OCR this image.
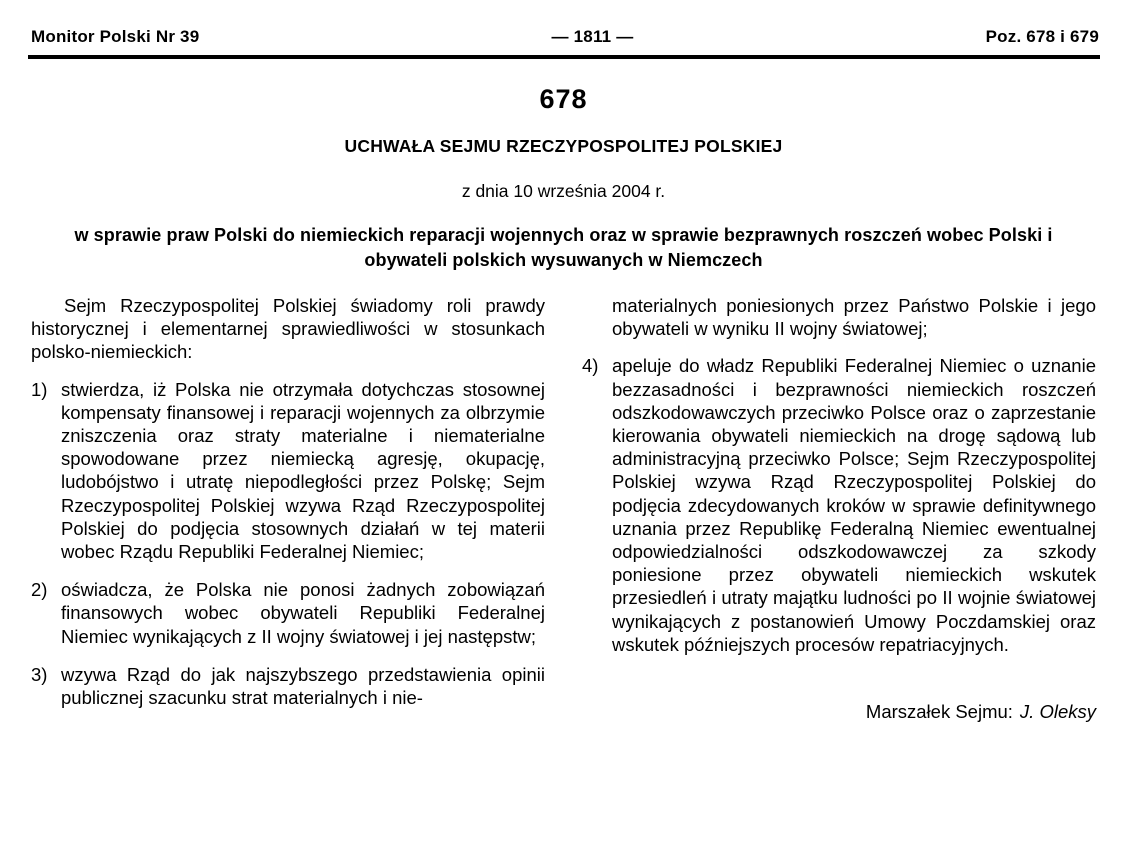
Monitor Polski Nr 39	— 1811 —	Poz. 678 i 679
678
UCHWAŁA SEJMU RZECZYPOSPOLITEJ POLSKIEJ
z dnia 10 września 2004 r.
w sprawie praw Polski do niemieckich reparacji wojennych oraz w sprawie bezprawnych roszczeń wobec Polski i obywateli polskich wysuwanych w Niemczech

Sejm Rzeczypospolitej Polskiej świadomy roli prawdy historycznej i elementarnej sprawiedliwości w stosunkach polsko-niemieckich:

1) stwierdza, iż Polska nie otrzymała dotychczas stosownej kompensaty finansowej i reparacji wojennych za olbrzymie zniszczenia oraz straty materialne i niematerialne spowodowane przez niemiecką agresję, okupację, ludobójstwo i utratę niepodległości przez Polskę; Sejm Rzeczypospolitej Polskiej wzywa Rząd Rzeczypospolitej Polskiej do podjęcia stosownych działań w tej materii wobec Rządu Republiki Federalnej Niemiec;
2) oświadcza, że Polska nie ponosi żadnych zobowiązań finansowych wobec obywateli Republiki Federalnej Niemiec wynikających z II wojny światowej i jej następstw;
3) wzywa Rząd do jak najszybszego przedstawienia opinii publicznej szacunku strat materialnych i nie-

materialnych poniesionych przez Państwo Polskie i jego obywateli w wyniku II wojny światowej;

4) apeluje do władz Republiki Federalnej Niemiec o uznanie bezzasadności i bezprawności niemieckich roszczeń odszkodowawczych przeciwko Polsce oraz o zaprzestanie kierowania obywateli niemieckich na drogę sądową lub administracyjną przeciwko Polsce; Sejm Rzeczypospolitej Polskiej wzywa Rząd Rzeczypospolitej Polskiej do podjęcia zdecydowanych kroków w sprawie definitywnego uznania przez Republikę Federalną Niemiec ewentualnej odpowiedzialności odszkodowawczej za szkody poniesione przez obywateli niemieckich wskutek przesiedleń i utraty majątku ludności po II wojnie światowej wynikających z postanowień Umowy Poczdamskiej oraz wskutek późniejszych procesów repatriacyjnych.
Marszałek Sejmu: J. Oleksy
